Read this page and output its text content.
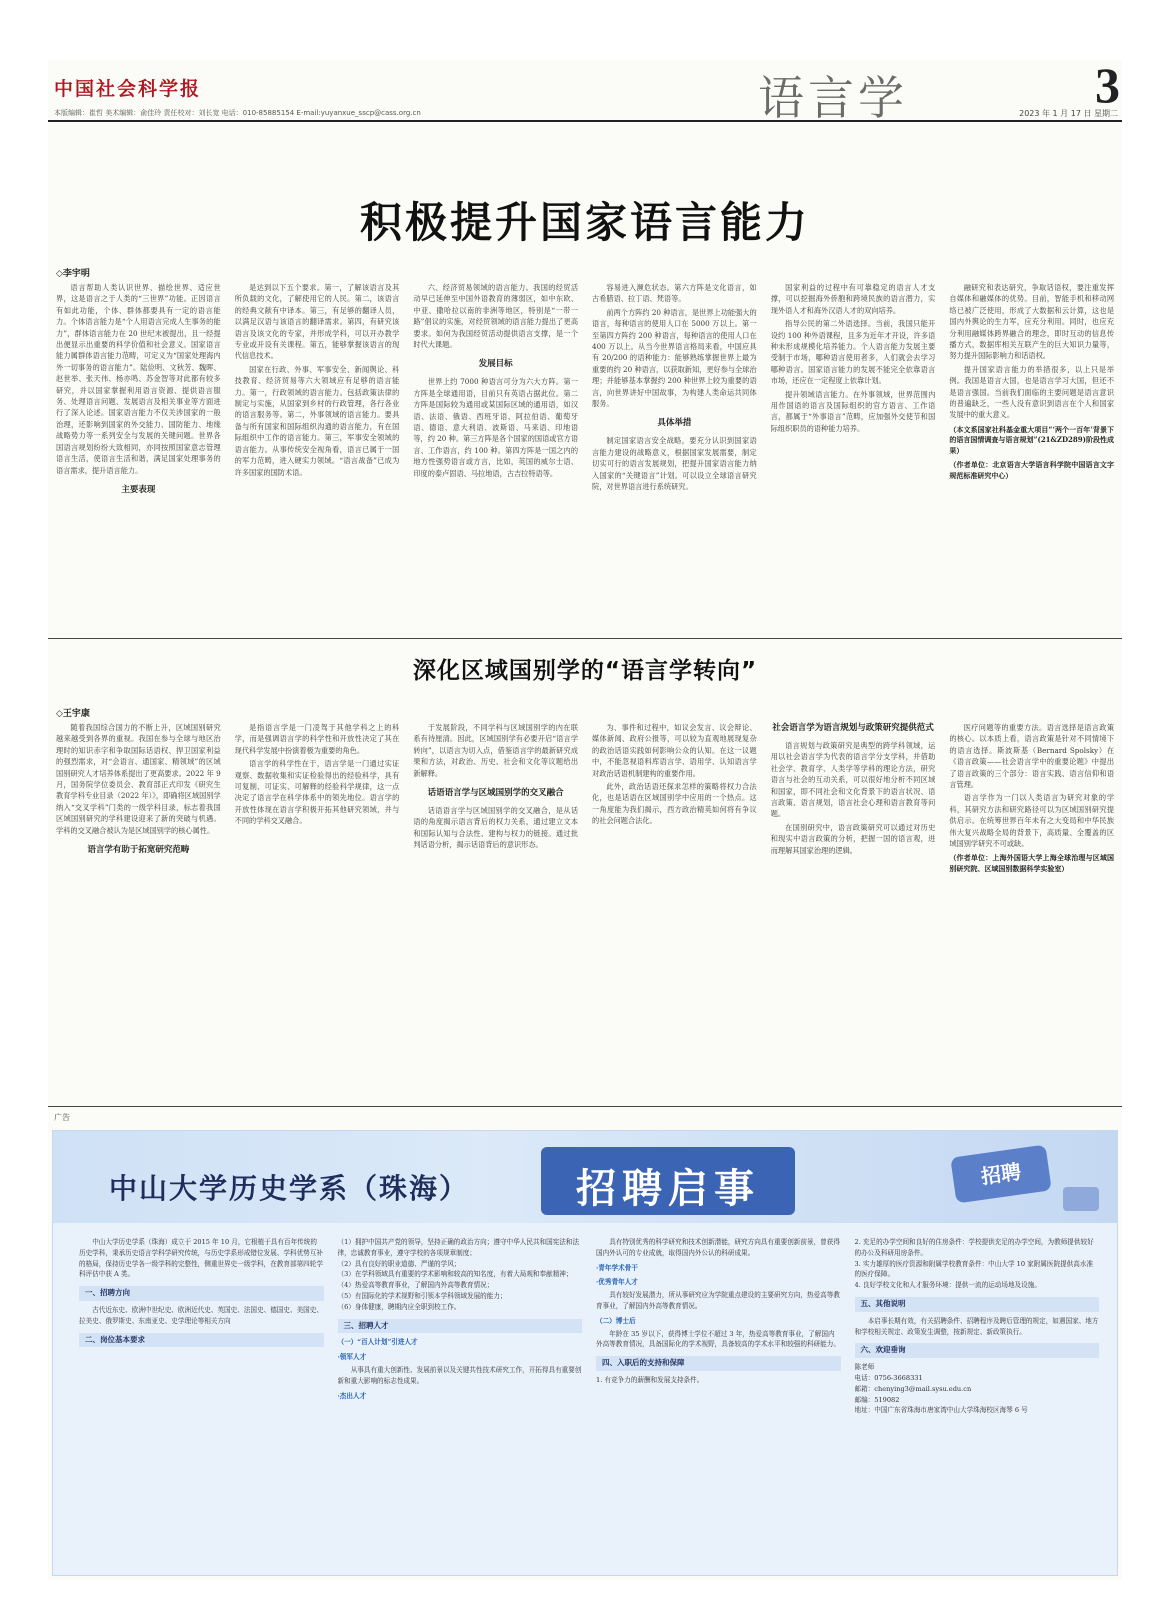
中国社会科学报
本版编辑：崔哲 美术编辑：俞佳玲 责任校对：刘长宽 电话：010-85885154 E-mail:yuyanxue_sscp@cass.org.cn	语言学	3
2023 年 1 月 17 日 星期二
积极提升国家语言能力
◇李宇明

语言帮助人类认识世界、描绘世界、适应世界，这是语言之于人类的“三世界”功能。正因语言有如此功能，个体、群体都要具有一定的语言能力。个体语言能力是“个人用语言完成人生事务的能力”，群体语言能力在 20 世纪末被提出，且一经提出便显示出重要的科学价值和社会意义。国家语言能力属群体语言能力范畴，可定义为“国家处理海内外一切事务的语言能力”。陆俭明、文秋芳、魏晖、赵世举、张天伟、杨亦鸣、苏金智等对此都有较多研究，并以国家掌握利用语言资源、提供语言服务、处理语言问题、发展语言及相关事业等方面进行了深入论述。国家语言能力不仅关涉国家的一般治理，还影响到国家的外交能力、国防能力、地缘战略势力等一系列安全与发展的关键问题。世界各国语言规划纷纷大致相同，亦同按照国家意志管理语言生活，使语言生活和谐，满足国家处理事务的语言需求，提升语言能力。

主要表现

是达到以下五个要求。第一，了解该语言及其所负载的文化，了解使用它的人民。第二，该语言的经典文献有中译本。第三，有足够的翻译人员，以满足汉语与该语言的翻译需求。第四，有研究该语言及该文化的专家，并形成学科，可以开办教学专业或开设有关课程。第五，能够掌握该语言的现代信息技术。

国家在行政、外事、军事安全、新闻舆论、科技教育、经济贸易等六大领域应有足够的语言能力。第一，行政领域的语言能力。包括政策法律的制定与实施，从国家到乡村的行政管理，各行各业的语言服务等。第二，外事领域的语言能力。要具备与所有国家和国际组织沟通的语言能力，有在国际组织中工作的语言能力。第三，军事安全领域的语言能力。从事传统安全视角看，语言已属于一国的军力范畴，进入硬实力领域。“语言战备”已成为许多国家的国防术语。

六、经济贸易领域的语言能力。我国的经贸活动早已延伸至中国外语教育的薄弱区，如中东欧、中亚、撒哈拉以南的非洲等地区，特别是“一带一路”倡议的实施，对经贸领域的语言能力提出了更高要求。如何为我国经贸活动提供语言支撑，是一个时代大课题。

发展目标

世界上约 7000 种语言可分为六大方阵。第一方阵是全球通用语，目前只有英语占据此位。第二方阵是国际较为通用或某国际区域的通用语，如汉语、法语、俄语、西班牙语、阿拉伯语、葡萄牙语、德语、意大利语、波斯语、马来语、印地语等，约 20 种。第三方阵是各个国家的国语或官方语言、工作语言，约 100 种。第四方阵是一国之内的地方性强势语言或方言，比如，英国的威尔士语、印度的泰卢固语、马拉地语，古吉拉特语等。

容易进入濒危状态。第六方阵是文化语言，如古希腊语、拉丁语、梵语等。

前两个方阵约 20 种语言，是世界上功能强大的语言，每种语言的使用人口在 5000 万以上。第一至第四方阵约 200 种语言，每种语言的使用人口在 400 万以上。从当今世界语言格局来看，中国应具有 20/200 的语种能力：能够熟练掌握世界上最为重要的约 20 种语言，以获取新知，更好参与全球治理；并能够基本掌握约 200 种世界上较为重要的语言，向世界讲好中国故事，为构建人类命运共同体服务。

具体举措

制定国家语言安全战略，要充分认识到国家语言能力建设的战略意义，根据国家发展需要，制定切实可行的语言发展规划，把提升国家语言能力纳入国家的“关键语言”计划。可以设立全球语言研究院，对世界语言进行系统研究。

国家利益的过程中有可靠稳定的语言人才支撑，可以挖掘海外侨胞和跨境民族的语言潜力，实现外语人才和海外汉语人才的双向培养。

指导公民的第二外语选择。当前，我国只能开设约 100 种外语课程，且多为近年才开设，许多语种未形成规模化培养能力。个人语言能力发展主要受制于市场，哪种语言使用者多，人们就会去学习哪种语言。国家语言能力的发展不能完全依靠语言市场，还应在一定程度上依靠计划。

提升领域语言能力。在外事领域，世界范围内用作国语的语言及国际组织的官方语言、工作语言，都属于“外事语言”范畴，应加强外交使节和国际组织职员的语种能力培养。

融研究和表达研究，争取话语权，要注重发挥自媒体和融媒体的优势。目前，智能手机和移动网络已被广泛使用，形成了大数据和云计算，这也是国内外舆论的生力军，应充分利用。同时，也应充分利用融媒体跨界融合的理念，即时互动的信息传播方式，数据库相关互联产生的巨大知识力量等，努力提升国际影响力和话语权。

提升国家语言能力的举措很多，以上只是举例。我国是语言大国，也是语言学习大国，但还不是语言强国。当前我们面临的主要问题是语言意识的普遍缺乏，一些人没有意识到语言在个人和国家发展中的重大意义。

（本文系国家社科基金重大项目“‘两个一百年’背景下的语言国情调查与语言规划”(21&ZD289)阶段性成果）
（作者单位：北京语言大学语言科学院中国语言文字规范标准研究中心）
深化区域国别学的“语言学转向”
◇王宇康

随着我国综合国力的不断上升，区域国别研究越来越受到各界的重视。我国在参与全球与地区治理时的知识赤字和争取国际话语权、捍卫国家利益的强烈需求，对“会语言、通国家、精领域”的区域国别研究人才培养体系提出了更高要求。2022 年 9 月，国务院学位委员会、教育部正式印发《研究生教育学科专业目录（2022 年）》，即确将区域国别学纳入“交叉学科”门类的一级学科目录，标志着我国区域国别研究的学科建设迎来了新的突破与机遇。学科的交叉融合被认为是区域国别学的核心属性。

语言学有助于拓宽研究范畴

是指语言学是一门凌驾于其他学科之上的科学，而是强调语言学的科学性和开放性决定了其在现代科学发展中扮演着极为重要的角色。

语言学的科学性在于，语言学是一门通过实证观察、数据收集和实证检验得出的经验科学，具有可复制、可证实、可解释的经验科学规律，这一点决定了语言学在科学体系中的领先地位。语言学的开放性体现在语言学积极开拓其他研究领域，并与不同的学科交叉融合。

于发展阶段，不同学科与区域国别学的内在联系有待厘清。因此，区域国别学有必要开启“语言学转向”，以语言为切入点，借鉴语言学的最新研究成果和方法，对政治、历史、社会和文化等议题给出新解释。

话语语言学与区域国别学的交叉融合

话语语言学与区域国别学的交叉融合，是从话语的角度揭示语言背后的权力关系，通过建立文本和国际认知与合法性、建构与权力的链接。通过批判话语分析，揭示话语背后的意识形态。

为、事件和过程中，如议会发言、议会辩论、媒体新闻、政府公报等，可以较为直观地展现复杂的政治话语实践如何影响公众的认知。在这一议题中，不能忽视语料库语言学、语用学、认知语言学对政治话语机制建构的重要作用。

此外，政治话语还探求怎样的策略将权力合法化，也是话语在区域国别学中应用的一个热点。这一角度能为我们揭示，西方政治精英如何将有争议的社会问题合法化。

社会语言学为语言规划与政策研究提供范式

语言规划与政策研究是典型的跨学科领域，运用以社会语言学为代表的语言学分支学科，并借助社会学、教育学、人类学等学科的理论方法，研究语言与社会的互动关系，可以很好地分析不同区域和国家，即不同社会和文化背景下的语言状况、语言政策、语言规划，语言社会心理和语言教育等问题。

在国别研究中，语言政策研究可以通过对历史和现实中语言政策的分析，把握一国的语言观，进而理解其国家治理的逻辑。

医疗问题等的重要方法。语言选择是语言政策的核心。以本质上看，语言政策是针对不同情境下的语言选择。斯波斯基（Bernard Spolsky）在《语言政策——社会语言学中的重要论题》中提出了语言政策的三个部分：语言实践、语言信仰和语言管理。

语言学作为一门以人类语言为研究对象的学科，其研究方法和研究路径可以为区域国别研究提供启示。在统筹世界百年未有之大变局和中华民族伟大复兴战略全局的背景下，高质量、全覆盖的区域国别学研究不可或缺。

（作者单位：上海外国语大学上海全球治理与区域国别研究院、区域国别数据科学实验室）
广告
中山大学历史学系（珠海）	招聘启事	招聘

中山大学历史学系（珠海）成立于 2015 年 10 月，它根植于具有百年传统的历史学科，秉承历史语言学科学研究传统，与历史学系形成错位发展、学科优势互补的格局，保持历史学各一级学科的完整性，侧重世界史一级学科，在教育部第四轮学科评估中获 A 类。

一、招聘方向

古代近东史、欧洲中世纪史、欧洲近代史、英国史、法国史、德国史、美国史、拉美史、俄罗斯史、东南亚史、史学理论等相关方向

二、岗位基本要求
（1）拥护中国共产党的领导，坚持正确的政治方向；遵守中华人民共和国宪法和法律，忠诚教育事业，遵守学校的各项规章制度；
（2）具有良好的职业道德、严谨的学风；
（3）在学科领域具有重要的学术影响和较高的知名度，有着大局观和奉献精神；
（4）热爱高等教育事业，了解国内外高等教育情况；
（5）有国际化的学术视野和引领本学科领域发展的能力；
（6）身体健康，聘期内应全职到校工作。
三、招聘人才
（一）“百人计划”引进人才
·领军人才

从事具有重大创新性、发展前景以及关键共性技术研究工作，开拓得具有重要创新和重大影响的标志性成果。

·杰出人才

具有特别优秀的科学研究和技术创新潜能，研究方向具有重要创新前景，曾获得国内外认可的专业成就，取得国内外公认的科研成果。

·青年学术骨干
·优秀青年人才

具有较好发展潜力，所从事研究应为学院重点建设的主要研究方向，热爱高等教育事业，了解国内外高等教育情况。

（二）博士后

年龄在 35 岁以下，获得博士学位不超过 3 年，热爱高等教育事业，了解国内外高等教育情况，具备国际化的学术视野，具备较高的学术水平和较强的科研能力。

四、入职后的支持和保障
1. 有竞争力的薪酬和发展支持条件。
2. 充足的办学空间和良好的住房条件：学校提供充足的办学空间，为教师提供较好的办公及科研用房条件。
3. 实力雄厚的医疗资源和附属学校教育条件：中山大学 10 家附属医院提供高水准的医疗保障。
4. 良好学校文化和人才服务环境：提供一流的运动场地及设施。
五、其他说明

本启事长期有效，有关招聘条件、招聘程序及聘后管理的规定，如遇国家、地方和学校相关规定、政策发生调整，按新规定、新政策执行。

六、欢迎垂询
陈老师
电话：0756-3668331
邮箱：chenying3@mail.sysu.edu.cn
邮编：519082
地址：中国广东省珠海市唐家湾中山大学珠海校区海琴 6 号
